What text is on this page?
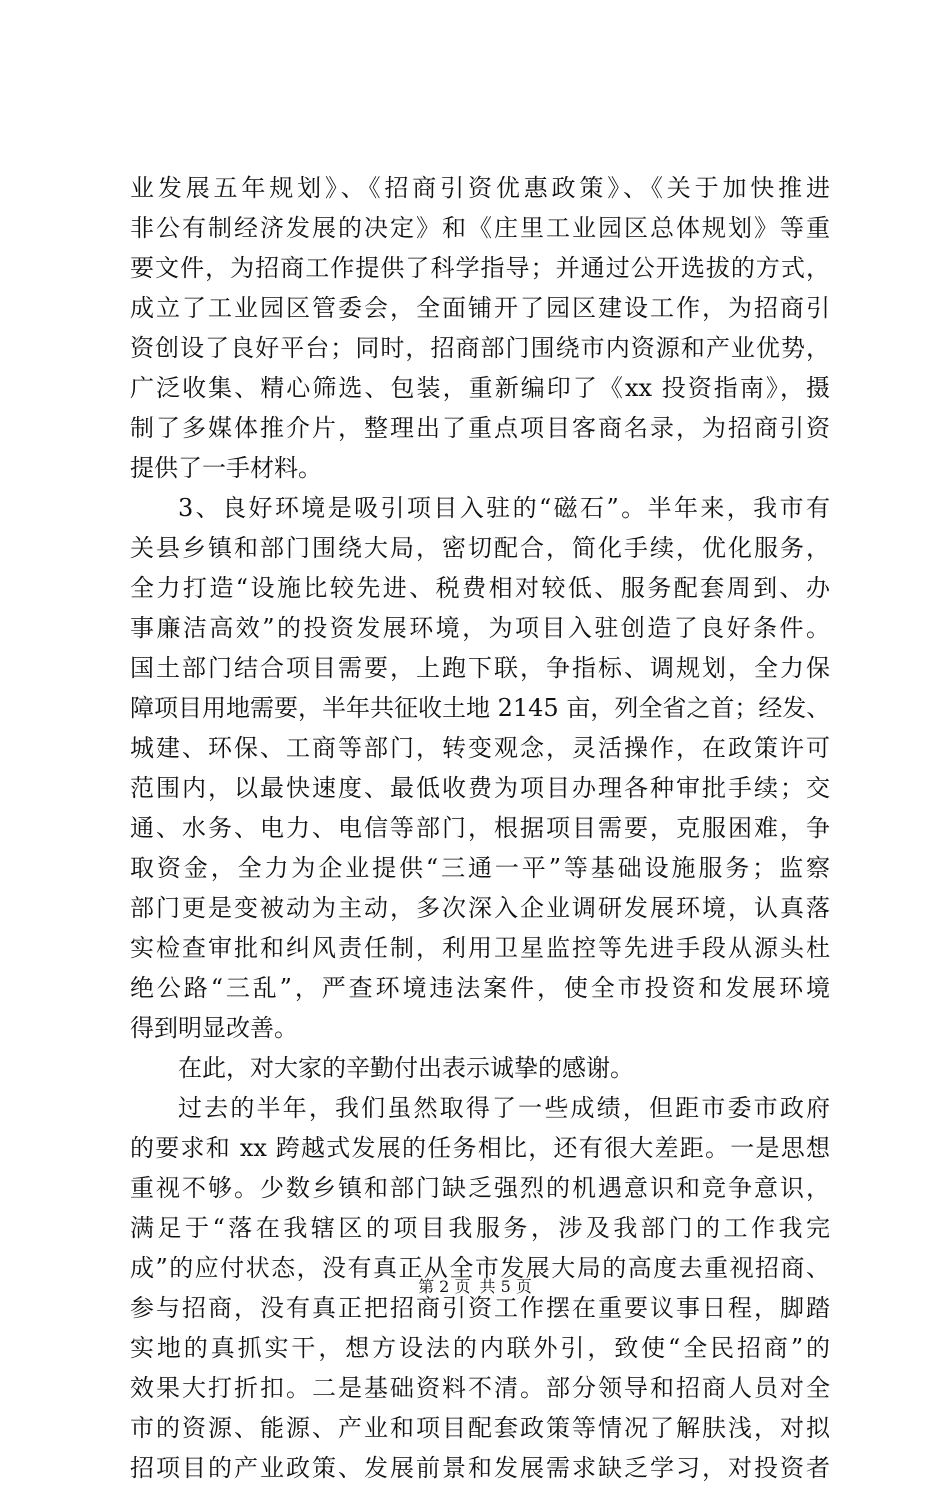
业发展五年规划》、《招商引资优惠政策》、《关于加快推进
非公有制经济发展的决定》和《庄里工业园区总体规划》等重
要文件，为招商工作提供了科学指导；并通过公开选拔的方式，
成立了工业园区管委会，全面铺开了园区建设工作，为招商引
资创设了良好平台；同时，招商部门围绕市内资源和产业优势，
广泛收集、精心筛选、包装，重新编印了《xx 投资指南》，摄
制了多媒体推介片，整理出了重点项目客商名录，为招商引资
提供了一手材料。
3、良好环境是吸引项目入驻的“磁石”。半年来，我市有
关县乡镇和部门围绕大局，密切配合，简化手续，优化服务，
全力打造“设施比较先进、税费相对较低、服务配套周到、办
事廉洁高效”的投资发展环境，为项目入驻创造了良好条件。
国土部门结合项目需要，上跑下联，争指标、调规划，全力保
障项目用地需要，半年共征收土地 2145 亩，列全省之首；经发、
城建、环保、工商等部门，转变观念，灵活操作，在政策许可
范围内，以最快速度、最低收费为项目办理各种审批手续；交
通、水务、电力、电信等部门，根据项目需要，克服困难，争
取资金，全力为企业提供“三通一平”等基础设施服务；监察
部门更是变被动为主动，多次深入企业调研发展环境，认真落
实检查审批和纠风责任制，利用卫星监控等先进手段从源头杜
绝公路“三乱”，严查环境违法案件，使全市投资和发展环境
得到明显改善。
在此，对大家的辛勤付出表示诚挚的感谢。
过去的半年，我们虽然取得了一些成绩，但距市委市政府
的要求和 xx 跨越式发展的任务相比，还有很大差距。一是思想
重视不够。少数乡镇和部门缺乏强烈的机遇意识和竞争意识，
满足于“落在我辖区的项目我服务，涉及我部门的工作我完
成”的应付状态，没有真正从全市发展大局的高度去重视招商、
参与招商，没有真正把招商引资工作摆在重要议事日程，脚踏
实地的真抓实干，想方设法的内联外引，致使“全民招商”的
效果大打折扣。二是基础资料不清。部分领导和招商人员对全
市的资源、能源、产业和项目配套政策等情况了解肤浅，对拟
招项目的产业政策、发展前景和发展需求缺乏学习，对投资者
第 2 页 共 5 页
